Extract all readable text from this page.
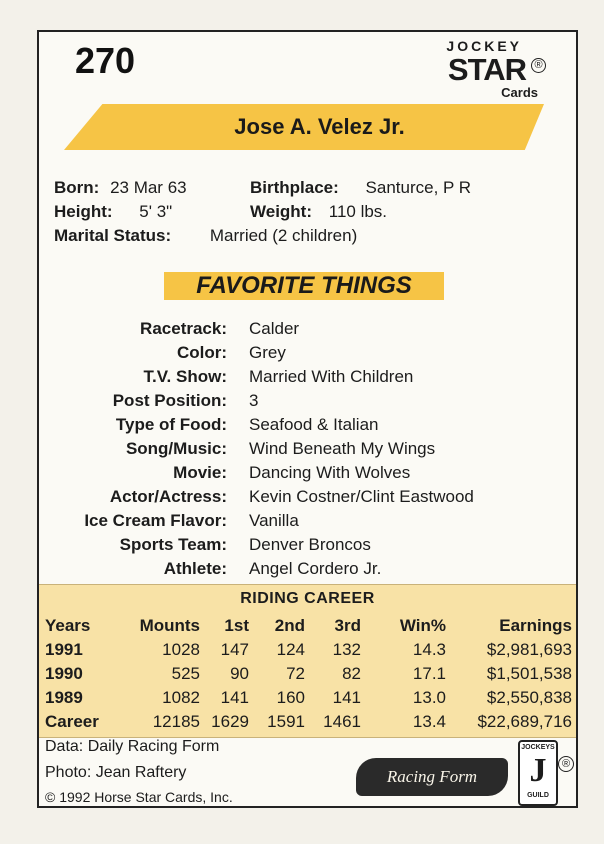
270	JOCKEY
STAR ®
Cards
Jose A. Velez Jr.
Born: 23 Mar 63	Birthplace: Santurce, P R
Height: 5' 3"	Weight: 110 lbs.
Marital Status: Married (2 children)
FAVORITE THINGS
Racetrack: Calder
Color: Grey
T.V. Show: Married With Children
Post Position: 3
Type of Food: Seafood & Italian
Song/Music: Wind Beneath My Wings
Movie: Dancing With Wolves
Actor/Actress: Kevin Costner/Clint Eastwood
Ice Cream Flavor: Vanilla
Sports Team: Denver Broncos
Athlete: Angel Cordero Jr.
RIDING CAREER
Years	Mounts 1st 2nd 3rd Win%	Earnings
1991	1028 147 124 132	14.3 $2,981,693
1990	525 90 72 82	17.1 $1,501,538
1989	1082 141 160 141	13.0 $2,550,838
Career	12185 1629 1591 1461	13.4 $22,689,716
Data: Daily Racing Form
Photo: Jean Raftery
© 1992 Horse Star Cards, Inc.
Racing Form
JOCKEYS
J
GUILD
®
